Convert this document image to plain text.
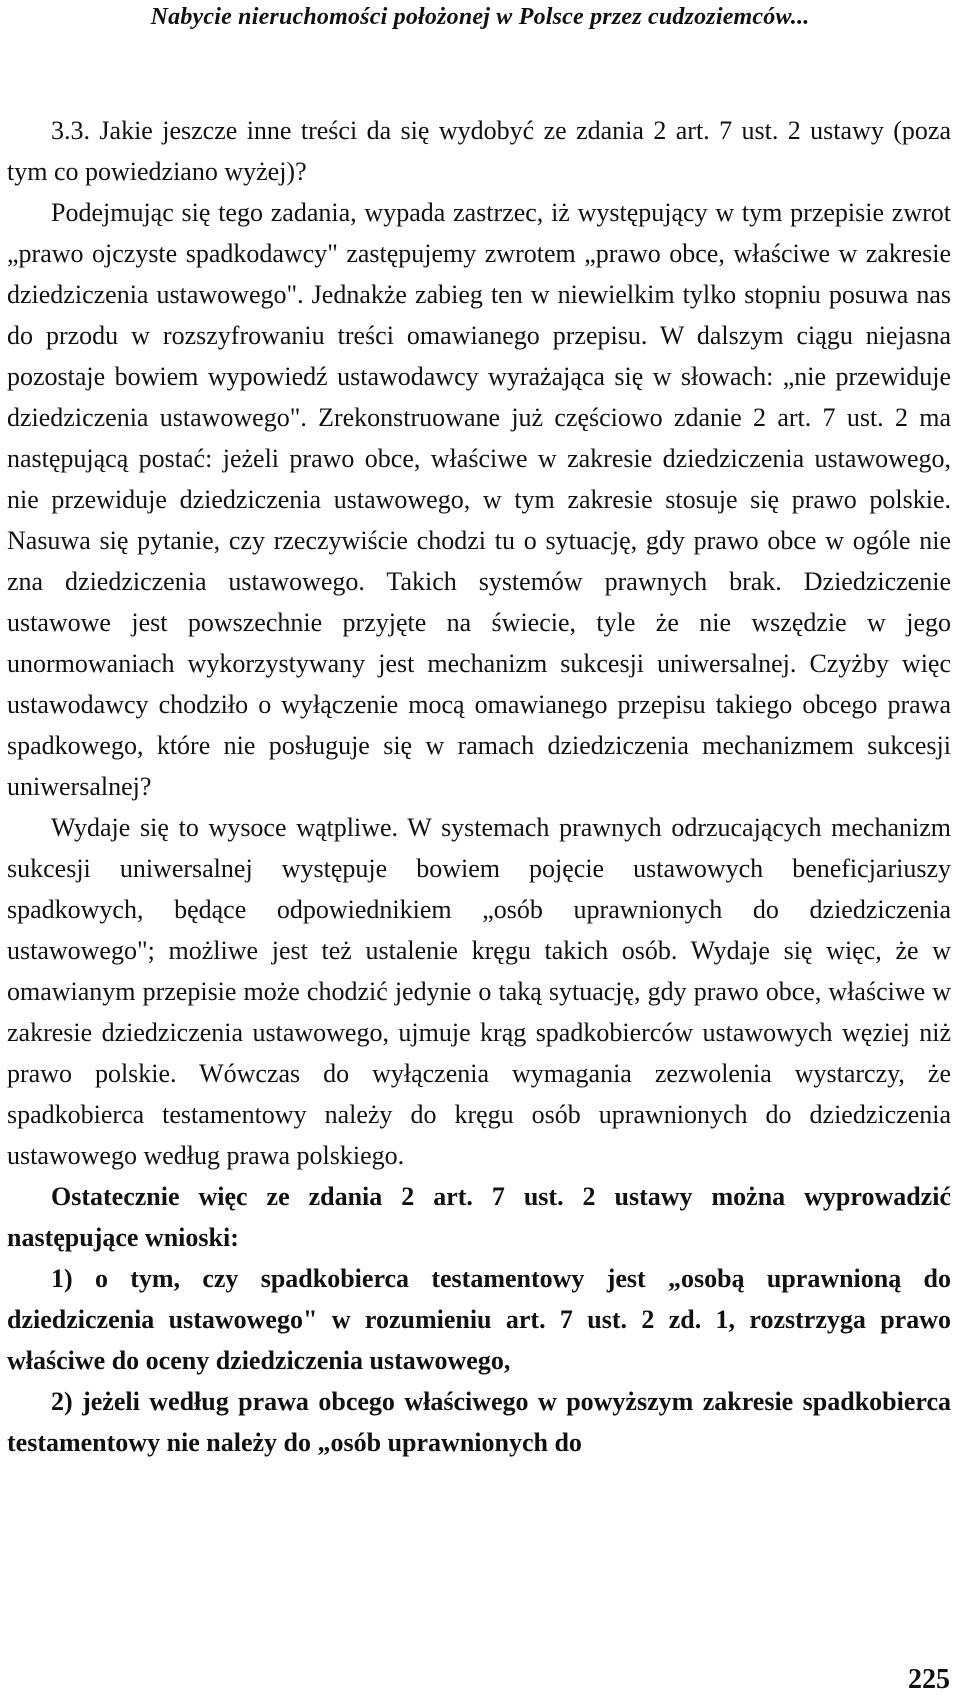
Nabycie nieruchomości położonej w Polsce przez cudzoziemców...

3.3. Jakie jeszcze inne treści da się wydobyć ze zdania 2 art. 7 ust. 2 ustawy (poza tym co powiedziano wyżej)?

Podejmując się tego zadania, wypada zastrzec, iż występujący w tym przepisie zwrot „prawo ojczyste spadkodawcy" zastępujemy zwrotem „prawo obce, właściwe w zakresie dziedziczenia ustawowego". Jednakże zabieg ten w niewielkim tylko stopniu posuwa nas do przodu w rozszyfrowaniu treści omawianego przepisu. W dalszym ciągu niejasna pozostaje bowiem wypowiedź ustawodawcy wyrażająca się w słowach: „nie przewiduje dziedziczenia ustawowego". Zrekonstruowane już częściowo zdanie 2 art. 7 ust. 2 ma następującą postać: jeżeli prawo obce, właściwe w zakresie dziedziczenia ustawowego, nie przewiduje dziedziczenia ustawowego, w tym zakresie stosuje się prawo polskie. Nasuwa się pytanie, czy rzeczywiście chodzi tu o sytuację, gdy prawo obce w ogóle nie zna dziedziczenia ustawowego. Takich systemów prawnych brak. Dziedziczenie ustawowe jest powszechnie przyjęte na świecie, tyle że nie wszędzie w jego unormowaniach wykorzystywany jest mechanizm sukcesji uniwersalnej. Czyżby więc ustawodawcy chodziło o wyłączenie mocą omawianego przepisu takiego obcego prawa spadkowego, które nie posługuje się w ramach dziedziczenia mechanizmem sukcesji uniwersalnej?

Wydaje się to wysoce wątpliwe. W systemach prawnych odrzucających mechanizm sukcesji uniwersalnej występuje bowiem pojęcie ustawowych beneficjariuszy spadkowych, będące odpowiednikiem „osób uprawnionych do dziedziczenia ustawowego"; możliwe jest też ustalenie kręgu takich osób. Wydaje się więc, że w omawianym przepisie może chodzić jedynie o taką sytuację, gdy prawo obce, właściwe w zakresie dziedziczenia ustawowego, ujmuje krąg spadkobierców ustawowych węziej niż prawo polskie. Wówczas do wyłączenia wymagania zezwolenia wystarczy, że spadkobierca testamentowy należy do kręgu osób uprawnionych do dziedziczenia ustawowego według prawa polskiego.

Ostatecznie więc ze zdania 2 art. 7 ust. 2 ustawy można wyprowadzić następujące wnioski:

1) o tym, czy spadkobierca testamentowy jest „osobą uprawnioną do dziedziczenia ustawowego" w rozumieniu art. 7 ust. 2 zd. 1, rozstrzyga prawo właściwe do oceny dziedziczenia ustawowego,

2) jeżeli według prawa obcego właściwego w powyższym zakresie spadkobierca testamentowy nie należy do „osób uprawnionych do

225
